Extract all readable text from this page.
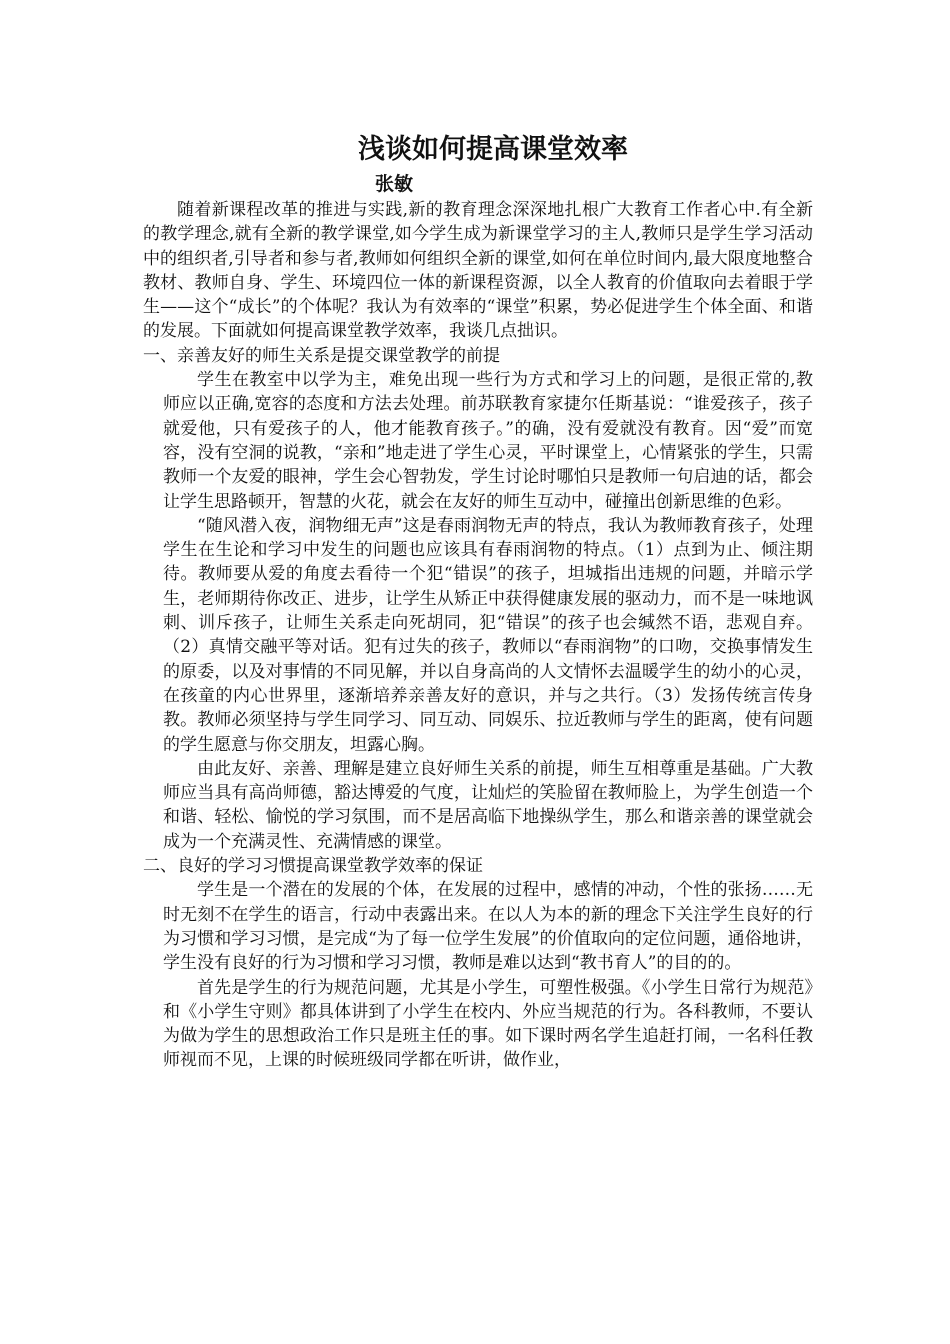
浅谈如何提高课堂效率
张敏

随着新课程改革的推进与实践,新的教育理念深深地扎根广大教育工作者心中.有全新的教学理念,就有全新的教学课堂,如今学生成为新课堂学习的主人,教师只是学生学习活动中的组织者,引导者和参与者,教师如何组织全新的课堂,如何在单位时间内,最大限度地整合教材、教师自身、学生、环境四位一体的新课程资源，以全人教育的价值取向去着眼于学生——这个“成长”的个体呢？我认为有效率的“课堂”积累，势必促进学生个体全面、和谐的发展。下面就如何提高课堂教学效率，我谈几点拙识。

一、亲善友好的师生关系是提交课堂教学的前提

学生在教室中以学为主，难免出现一些行为方式和学习上的问题，是很正常的,教师应以正确,宽容的态度和方法去处理。前苏联教育家捷尔任斯基说：“谁爱孩子，孩子就爱他，只有爱孩子的人，他才能教育孩子。”的确，没有爱就没有教育。因“爱”而宽容，没有空洞的说教，“亲和”地走进了学生心灵，平时课堂上，心情紧张的学生，只需教师一个友爱的眼神，学生会心智勃发，学生讨论时哪怕只是教师一句启迪的话，都会让学生思路顿开，智慧的火花，就会在友好的师生互动中，碰撞出创新思维的色彩。

“随风潜入夜，润物细无声”这是春雨润物无声的特点，我认为教师教育孩子，处理学生在生论和学习中发生的问题也应该具有春雨润物的特点。（1）点到为止、倾注期待。教师要从爱的角度去看待一个犯“错误”的孩子，坦城指出违规的问题，并暗示学生，老师期待你改正、进步，让学生从矫正中获得健康发展的驱动力，而不是一味地讽刺、训斥孩子，让师生关系走向死胡同，犯“错误”的孩子也会缄然不语，悲观自弃。（2）真情交融平等对话。犯有过失的孩子，教师以“春雨润物”的口吻，交换事情发生的原委，以及对事情的不同见解，并以自身高尚的人文情怀去温暖学生的幼小的心灵，在孩童的内心世界里，逐渐培养亲善友好的意识，并与之共行。（3）发扬传统言传身教。教师必须坚持与学生同学习、同互动、同娱乐、拉近教师与学生的距离，使有问题的学生愿意与你交朋友，坦露心胸。

由此友好、亲善、理解是建立良好师生关系的前提，师生互相尊重是基础。广大教师应当具有高尚师德，豁达博爱的气度，让灿烂的笑脸留在教师脸上，为学生创造一个和谐、轻松、愉悦的学习氛围，而不是居高临下地操纵学生，那么和谐亲善的课堂就会成为一个充满灵性、充满情感的课堂。

二、良好的学习习惯提高课堂教学效率的保证

学生是一个潜在的发展的个体，在发展的过程中，感情的冲动，个性的张扬……无时无刻不在学生的语言，行动中表露出来。在以人为本的新的理念下关注学生良好的行为习惯和学习习惯，是完成“为了每一位学生发展”的价值取向的定位问题，通俗地讲，学生没有良好的行为习惯和学习习惯，教师是难以达到“教书育人”的目的的。

首先是学生的行为规范问题，尤其是小学生，可塑性极强。《小学生日常行为规范》和《小学生守则》都具体讲到了小学生在校内、外应当规范的行为。各科教师，不要认为做为学生的思想政治工作只是班主任的事。如下课时两名学生追赶打闹，一名科任教师视而不见，上课的时候班级同学都在听讲，做作业，
